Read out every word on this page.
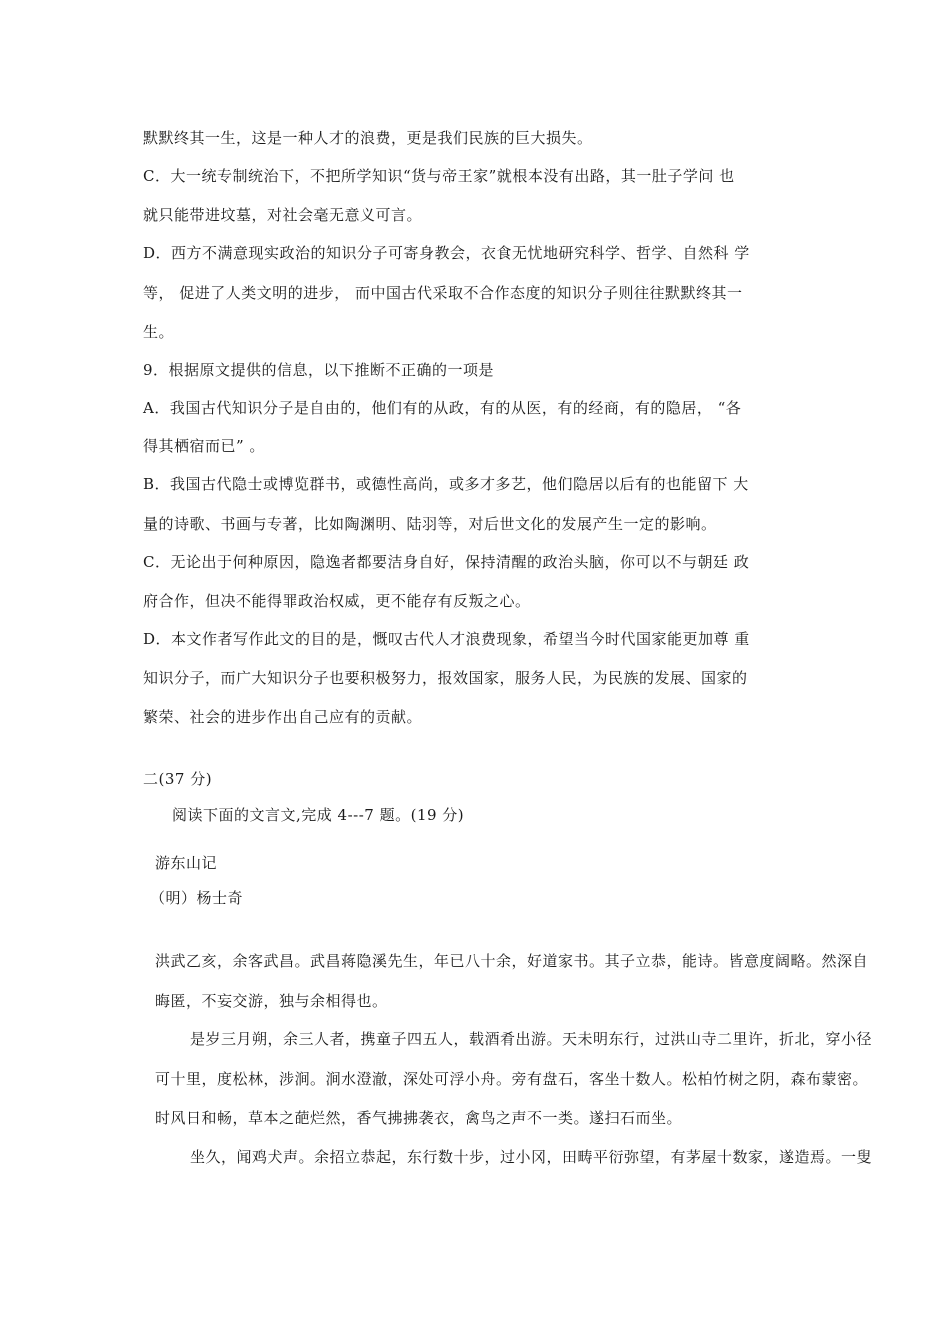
默默终其一生，这是一种人才的浪费，更是我们民族的巨大损失。
C．大一统专制统治下，不把所学知识“货与帝王家”就根本没有出路，其一肚子学问 也
就只能带进坟墓，对社会毫无意义可言。
D．西方不满意现实政治的知识分子可寄身教会，衣食无忧地研究科学、哲学、自然科 学
等， 促进了人类文明的进步， 而中国古代采取不合作态度的知识分子则往往默默终其一
生。
9．根据原文提供的信息，以下推断不正确的一项是
A．我国古代知识分子是自由的，他们有的从政，有的从医，有的经商，有的隐居， “各
得其栖宿而已” 。
B．我国古代隐士或博览群书，或德性高尚，或多才多艺，他们隐居以后有的也能留下 大
量的诗歌、书画与专著，比如陶渊明、陆羽等，对后世文化的发展产生一定的影响。
C．无论出于何种原因，隐逸者都要洁身自好，保持清醒的政治头脑，你可以不与朝廷 政
府合作，但决不能得罪政治权威，更不能存有反叛之心。
D．本文作者写作此文的目的是，慨叹古代人才浪费现象，希望当今时代国家能更加尊 重
知识分子，而广大知识分子也要积极努力，报效国家，服务人民，为民族的发展、国家的
繁荣、社会的进步作出自己应有的贡献。
二(37 分)
阅读下面的文言文,完成 4---7 题。(19 分)
游东山记
（明）杨士奇
洪武乙亥，余客武昌。武昌蒋隐溪先生，年已八十余，好道家书。其子立恭，能诗。皆意度阔略。然深自
晦匿，不妄交游，独与余相得也。
是岁三月朔，余三人者，携童子四五人，载酒肴出游。天未明东行，过洪山寺二里许，折北，穿小径
可十里，度松林，涉涧。涧水澄澈，深处可浮小舟。旁有盘石，客坐十数人。松柏竹树之阴，森布蒙密。
时风日和畅，草本之葩烂然，香气拂拂袭衣，禽鸟之声不一类。遂扫石而坐。
坐久，闻鸡犬声。余招立恭起，东行数十步，过小冈，田畴平衍弥望，有茅屋十数家，遂造焉。一叟
